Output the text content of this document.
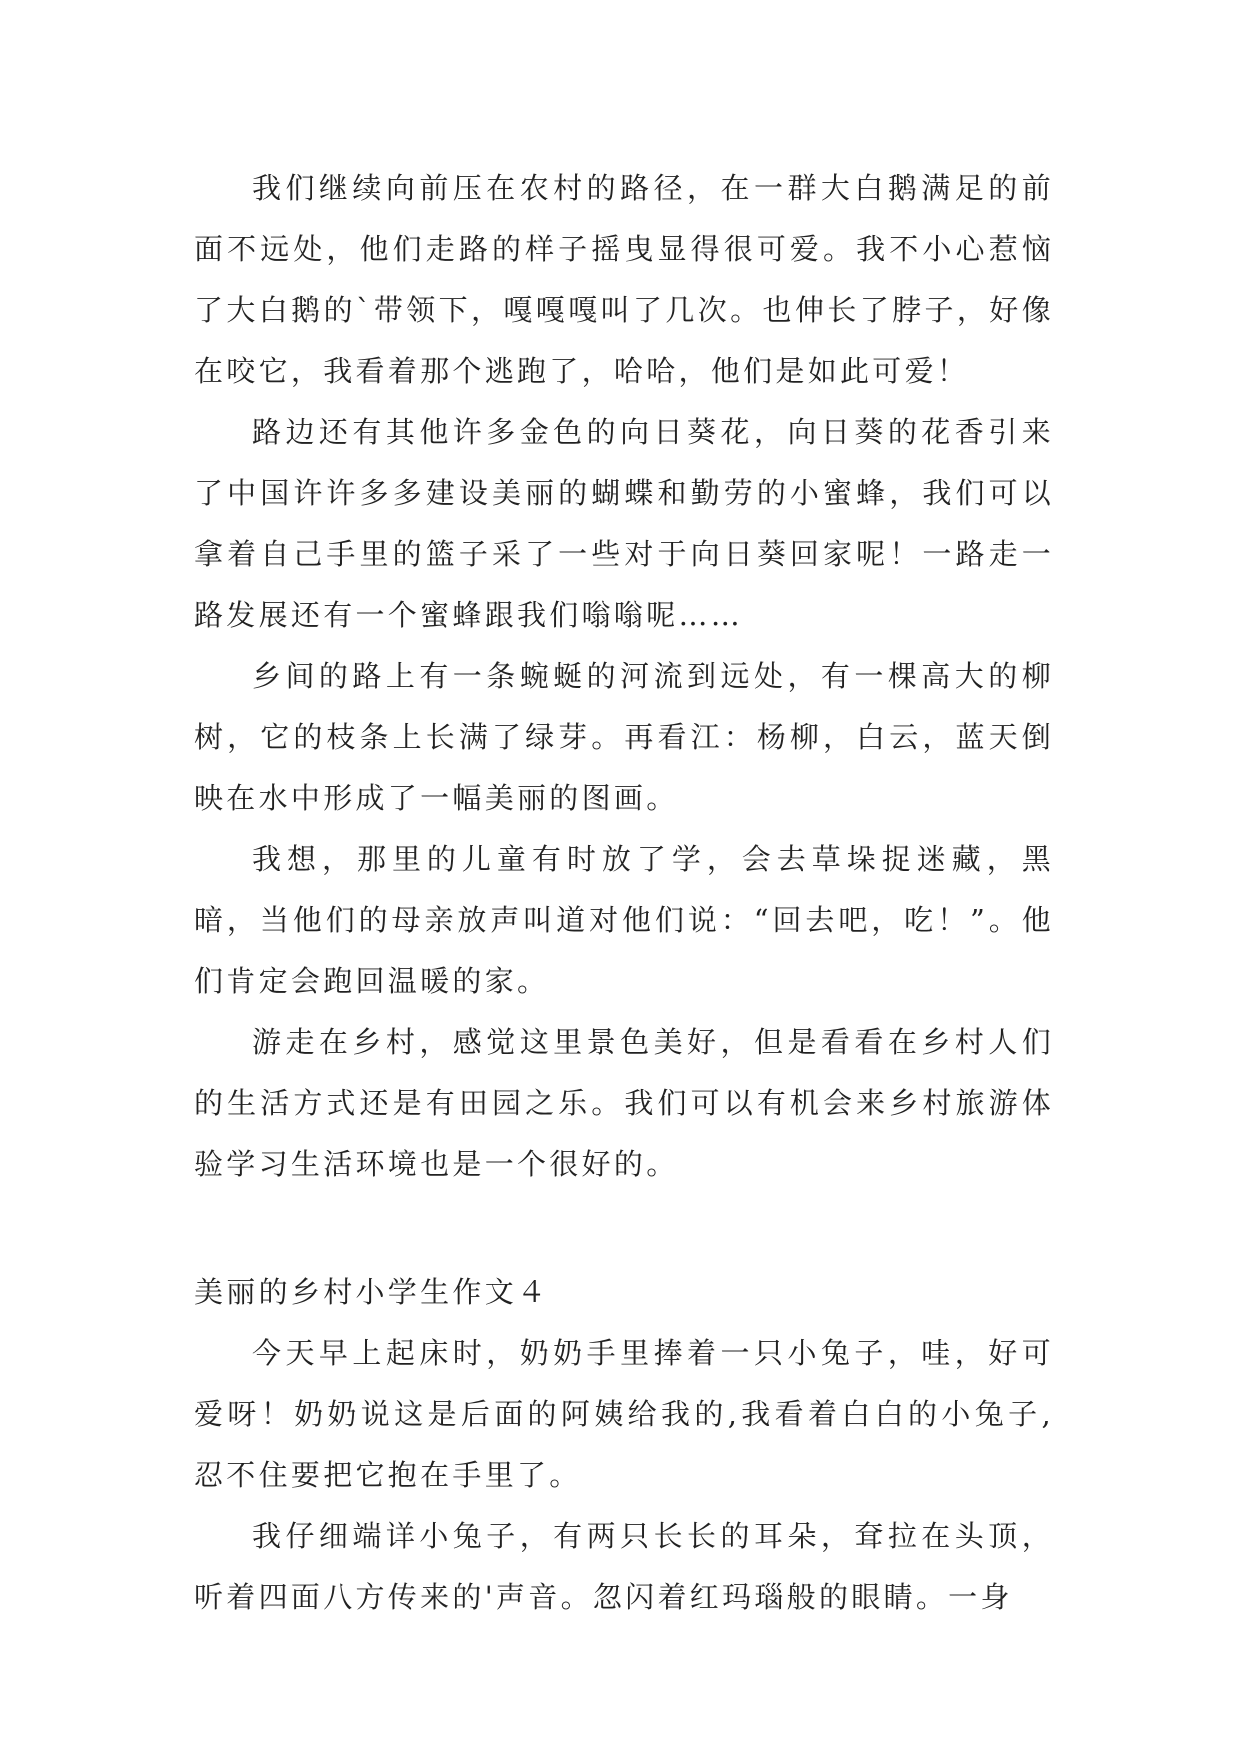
我们继续向前压在农村的路径，在一群大白鹅满足的前面不远处，他们走路的样子摇曳显得很可爱。我不小心惹恼了大白鹅的`带领下，嘎嘎嘎叫了几次。也伸长了脖子，好像在咬它，我看着那个逃跑了，哈哈，他们是如此可爱！

路边还有其他许多金色的向日葵花，向日葵的花香引来了中国许许多多建设美丽的蝴蝶和勤劳的小蜜蜂，我们可以拿着自己手里的篮子采了一些对于向日葵回家呢！一路走一路发展还有一个蜜蜂跟我们嗡嗡呢……

乡间的路上有一条蜿蜒的河流到远处，有一棵高大的柳树，它的枝条上长满了绿芽。再看江：杨柳，白云，蓝天倒映在水中形成了一幅美丽的图画。

我想，那里的儿童有时放了学，会去草垛捉迷藏，黑暗，当他们的母亲放声叫道对他们说：“回去吧，吃！”。他们肯定会跑回温暖的家。

游走在乡村，感觉这里景色美好，但是看看在乡村人们的生活方式还是有田园之乐。我们可以有机会来乡村旅游体验学习生活环境也是一个很好的。

美丽的乡村小学生作文４

今天早上起床时，奶奶手里捧着一只小兔子，哇，好可爱呀！奶奶说这是后面的阿姨给我的,我看着白白的小兔子,忍不住要把它抱在手里了。

我仔细端详小兔子，有两只长长的耳朵，耷拉在头顶，听着四面八方传来的'声音。忽闪着红玛瑙般的眼睛。一身
